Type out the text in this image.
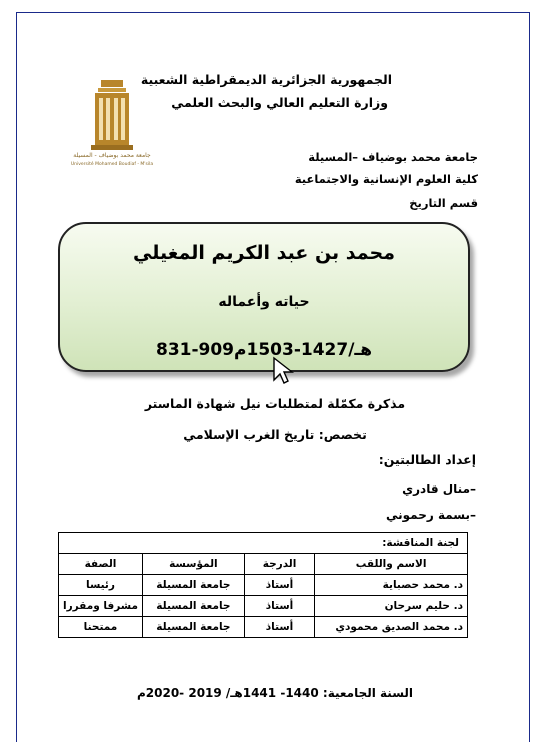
الجمهورية الجزائرية الديمقراطية الشعبية
وزارة التعليم العالي والبحث العلمي
جامعة محمد بوضياف - المسيلة
Université Mohamed Boudiaf - M'sila
جامعة محمد بوضياف –المسيلة
كلية العلوم الإنسانية والاجتماعية
قسم التاريخ
محمد بن عبد الكريم المغيلي
حياته وأعماله
831-909هـ/1427-1503م
مذكرة مكمّلة لمتطلبات نيل شهادة الماستر
تخصص: تاريخ الغرب الإسلامي
إعداد الطالبتين:
–منال قادري
–بسمة رحموني
لجنة المناقشة:			
الاسم واللقب	الدرجة	المؤسسة	الصفة
د. محمد حصباية	أستاذ	جامعة المسيلة	رئيسا
د. حليم سرحان	أستاذ	جامعة المسيلة	مشرفا ومقررا
د. محمد الصديق محمودي	أستاذ	جامعة المسيلة	ممتحنا
السنة الجامعية: 1440- 1441هـ/ 2019 -2020م
